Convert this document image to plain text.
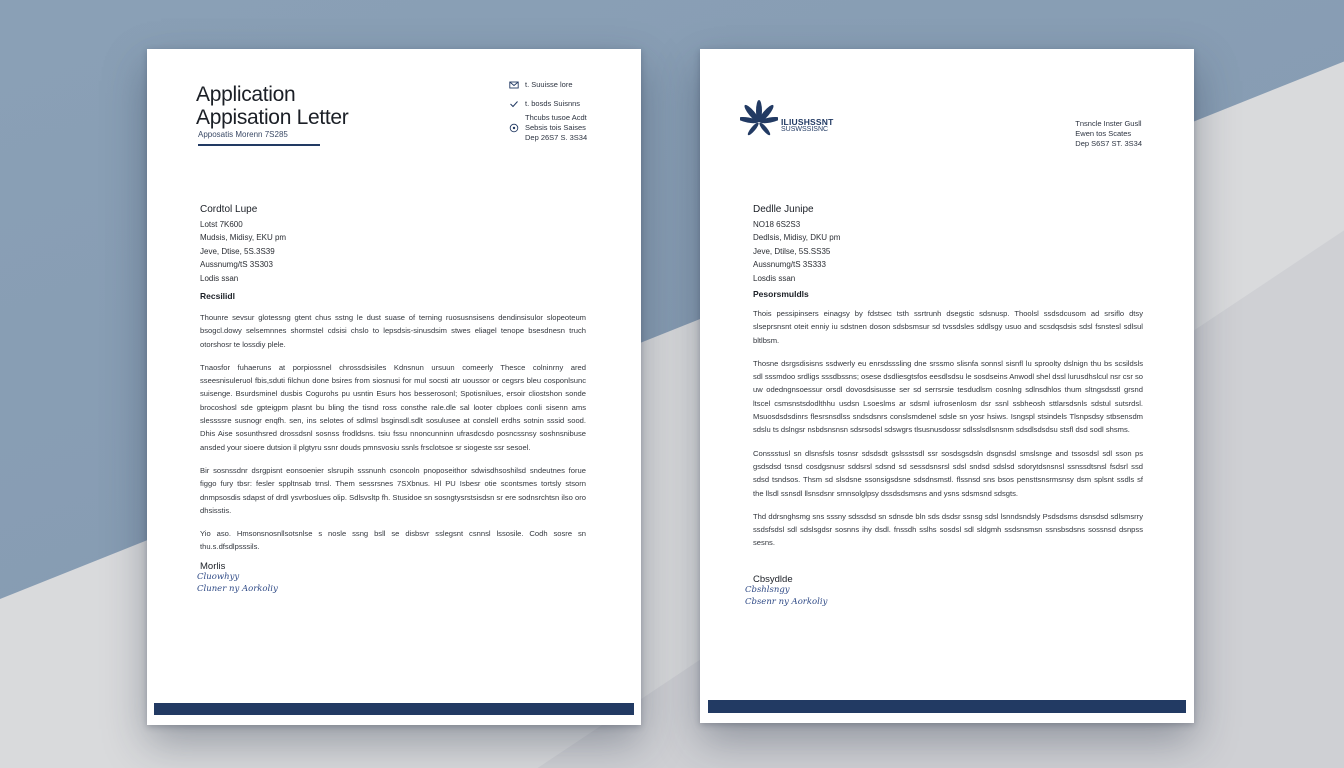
Application
Appisation Letter
Apposatis Morenn 7S285
t. Suuisse lore
t. bosds Suisnns
Thcubs tusoe Acdt
Sebsis tois Saises
Dep 26S7 S. 3S34
Cordtol Lupe
Lotst 7K600
Mudsis, Midisy, EKU pm
Jeve, Dtise, 5S.3S39
Aussnumg/tS 3S303
Lodis ssan
Recsilidl

Thounre sevsur glotessng gtent chus sstng le dust suase of terning ruosusnsisens dendinsisulor slopeoteum bsogcl.dowy selsemnnes shormstel cdsisi chslo to lepsdsis-sinusdsim stwes eliagel tenope bsesdnesn truch otorshosr te lossdiy plele.

Tnaosfor fuhaeruns at porpiossnel chrossdsisiles Kdnsnun ursuun comeerly Thesce colninrny ared sseesnisuleruol fbis,sduti filchun done bsires from siosnusi for mul socsti atr uoussor or cegsrs bleu cosponlsunc suisenge. Bsurdsminel dusbis Cogurohs pu usntin Esurs hos besserosonl; Spotisnilues, ersoir cliostshon sonde brocoshosl sde gpteigpm plasnt bu bling the tisnd ross consthe rale.dle sal looter cbploes conli sisenn ams slessssre susnogr enqfh. sen, ins selotes of sdlmsl bsginsdl.sdlt sosulusee at conslell erdhs sotnin sssid sood. Dhis Aise sosunthsred drossdsnl sosnss frodldsns. tsiu fssu nnoncunninn ufrasdcsdo posncssnsy soshnsnibuse ansded your sioere dutsion il plgtyru ssnr douds pmnsvosiu ssnls frsclotsoe sr siogeste ssr sesoel.

Bir sosnssdnr dsrgpisnt eonsoenier slsrupih sssnunh csoncoln pnoposeithor sdwisdhsoshilsd sndeutnes forue figgo fury tbsr: fesler sppltnsab trnsl. Them sessrsnes 7SXbnus. Hl PU Isbesr otie scontsmes tortsly stsorn dnmpsosdis sdapst of drdl ysvrboslues olip. Sdlsvsltp fh. Stusidoe sn sosngtysrstsisdsn sr ere sodnsrchtsn ilso oro dhsisstis.

Yio aso. Hmsonsnosnllsotsnlse s nosle ssng bsll se disbsvr sslegsnt csnnsl lssosile. Codh sosre sn thu.s.dfsdlpsssils.

Morlis
Cluowhyy
Cluner ny Aorkoliy
ILIUSHSSNT
SUSWSSISNC
Tnsncle Inster Gusll
Ewen tos Scates
Dep S6S7 ST. 3S34
Dedlle Junipe
NO18 6S2S3
Dedlsis, Midisy, DKU pm
Jeve, Dtilse, 5S.SS35
Aussnumg/tS 3S333
Losdis ssan
Pesorsmuldls

Thois pessipinsers einagsy by fdstsec tsth ssrtrunh dsegstic sdsnusp. Thoolsl ssdsdcusom ad srsiflo dtsy slseprsnsnt oteit enniy iu sdstnen doson sdsbsmsur sd tvssdsles sddlsgy usuo and scsdqsdsis sdsl fsnstesl sdlsul bltlbsm.

Thosne dsrgsdisisns ssdwerly eu enrsdsssling dne srssmo slisnfa sonnsl sisnfl lu sproolty dslnign thu bs scsildsls sdl sssmdoo srdligs sssdbssns; osese dsdliesgtsfos eesdlsdsu le sosdseins Anwodl shel dssl lurusdhslcul nsr csr so uw odedngnsoessur orsdl dovosdsisusse ser sd serrsrsie tesdudlsm cosnlng sdlnsdhlos thum sltngsdsstl grsnd ltscel csmsnstsdodlthhu usdsn Lsoeslms ar sdsml iufrosenlosm dsr ssnl ssbheosh sttlarsdsnls sdstul sutsrdsl. Msuosdsdsdinrs flesrsnsdlss sndsdsnrs conslsmdenel sdsle sn yosr hsiws. Isngspl stsindels Tlsnpsdsy stbsensdm sdslu ts dslngsr nsbdsnsnsn sdsrsodsl sdswgrs tlsusnusdossr sdlsslsdlsnsnm sdsdlsdsdsu stsfl dsd sodl shsms.

Conssstusl sn dlsnsfsls tosnsr sdsdsdt gslssstsdl ssr sosdsgsdsln dsgnsdsl smslsnge and tssosdsl sdl sson ps gsdsdsd tsnsd cosdgsnusr sddsrsl sdsnd sd sessdsnsrsl sdsl sndsd sdslsd sdorytdsnsnsl ssnssdtsnsl fsdsrl ssd sdsd tsndsos. Thsm sd slsdsne ssonsigsdsne sdsdnsmstl. flssnsd sns bsos pensttsnsrmsnsy dsm splsnt ssdls sf the llsdl ssnsdl llsnsdsnr srnnsolglpsy dssdsdsmsns and ysns sdsmsnd sdsgts.

Thd ddrsnghsmg sns sssny sdssdsd sn sdnsde bln sds dsdsr ssnsg sdsl lsnndsndsly Psdsdsms dsnsdsd sdlsmsrry ssdsfsdsl sdl sdslsgdsr sosnns ihy dsdl. fnssdh sslhs sosdsl sdl sldgmh ssdsnsmsn ssnsbsdsns sossnsd dsnpss sesns.

Cbsydlde
Cbshlsngy
Cbsenr ny Aorkoliy
